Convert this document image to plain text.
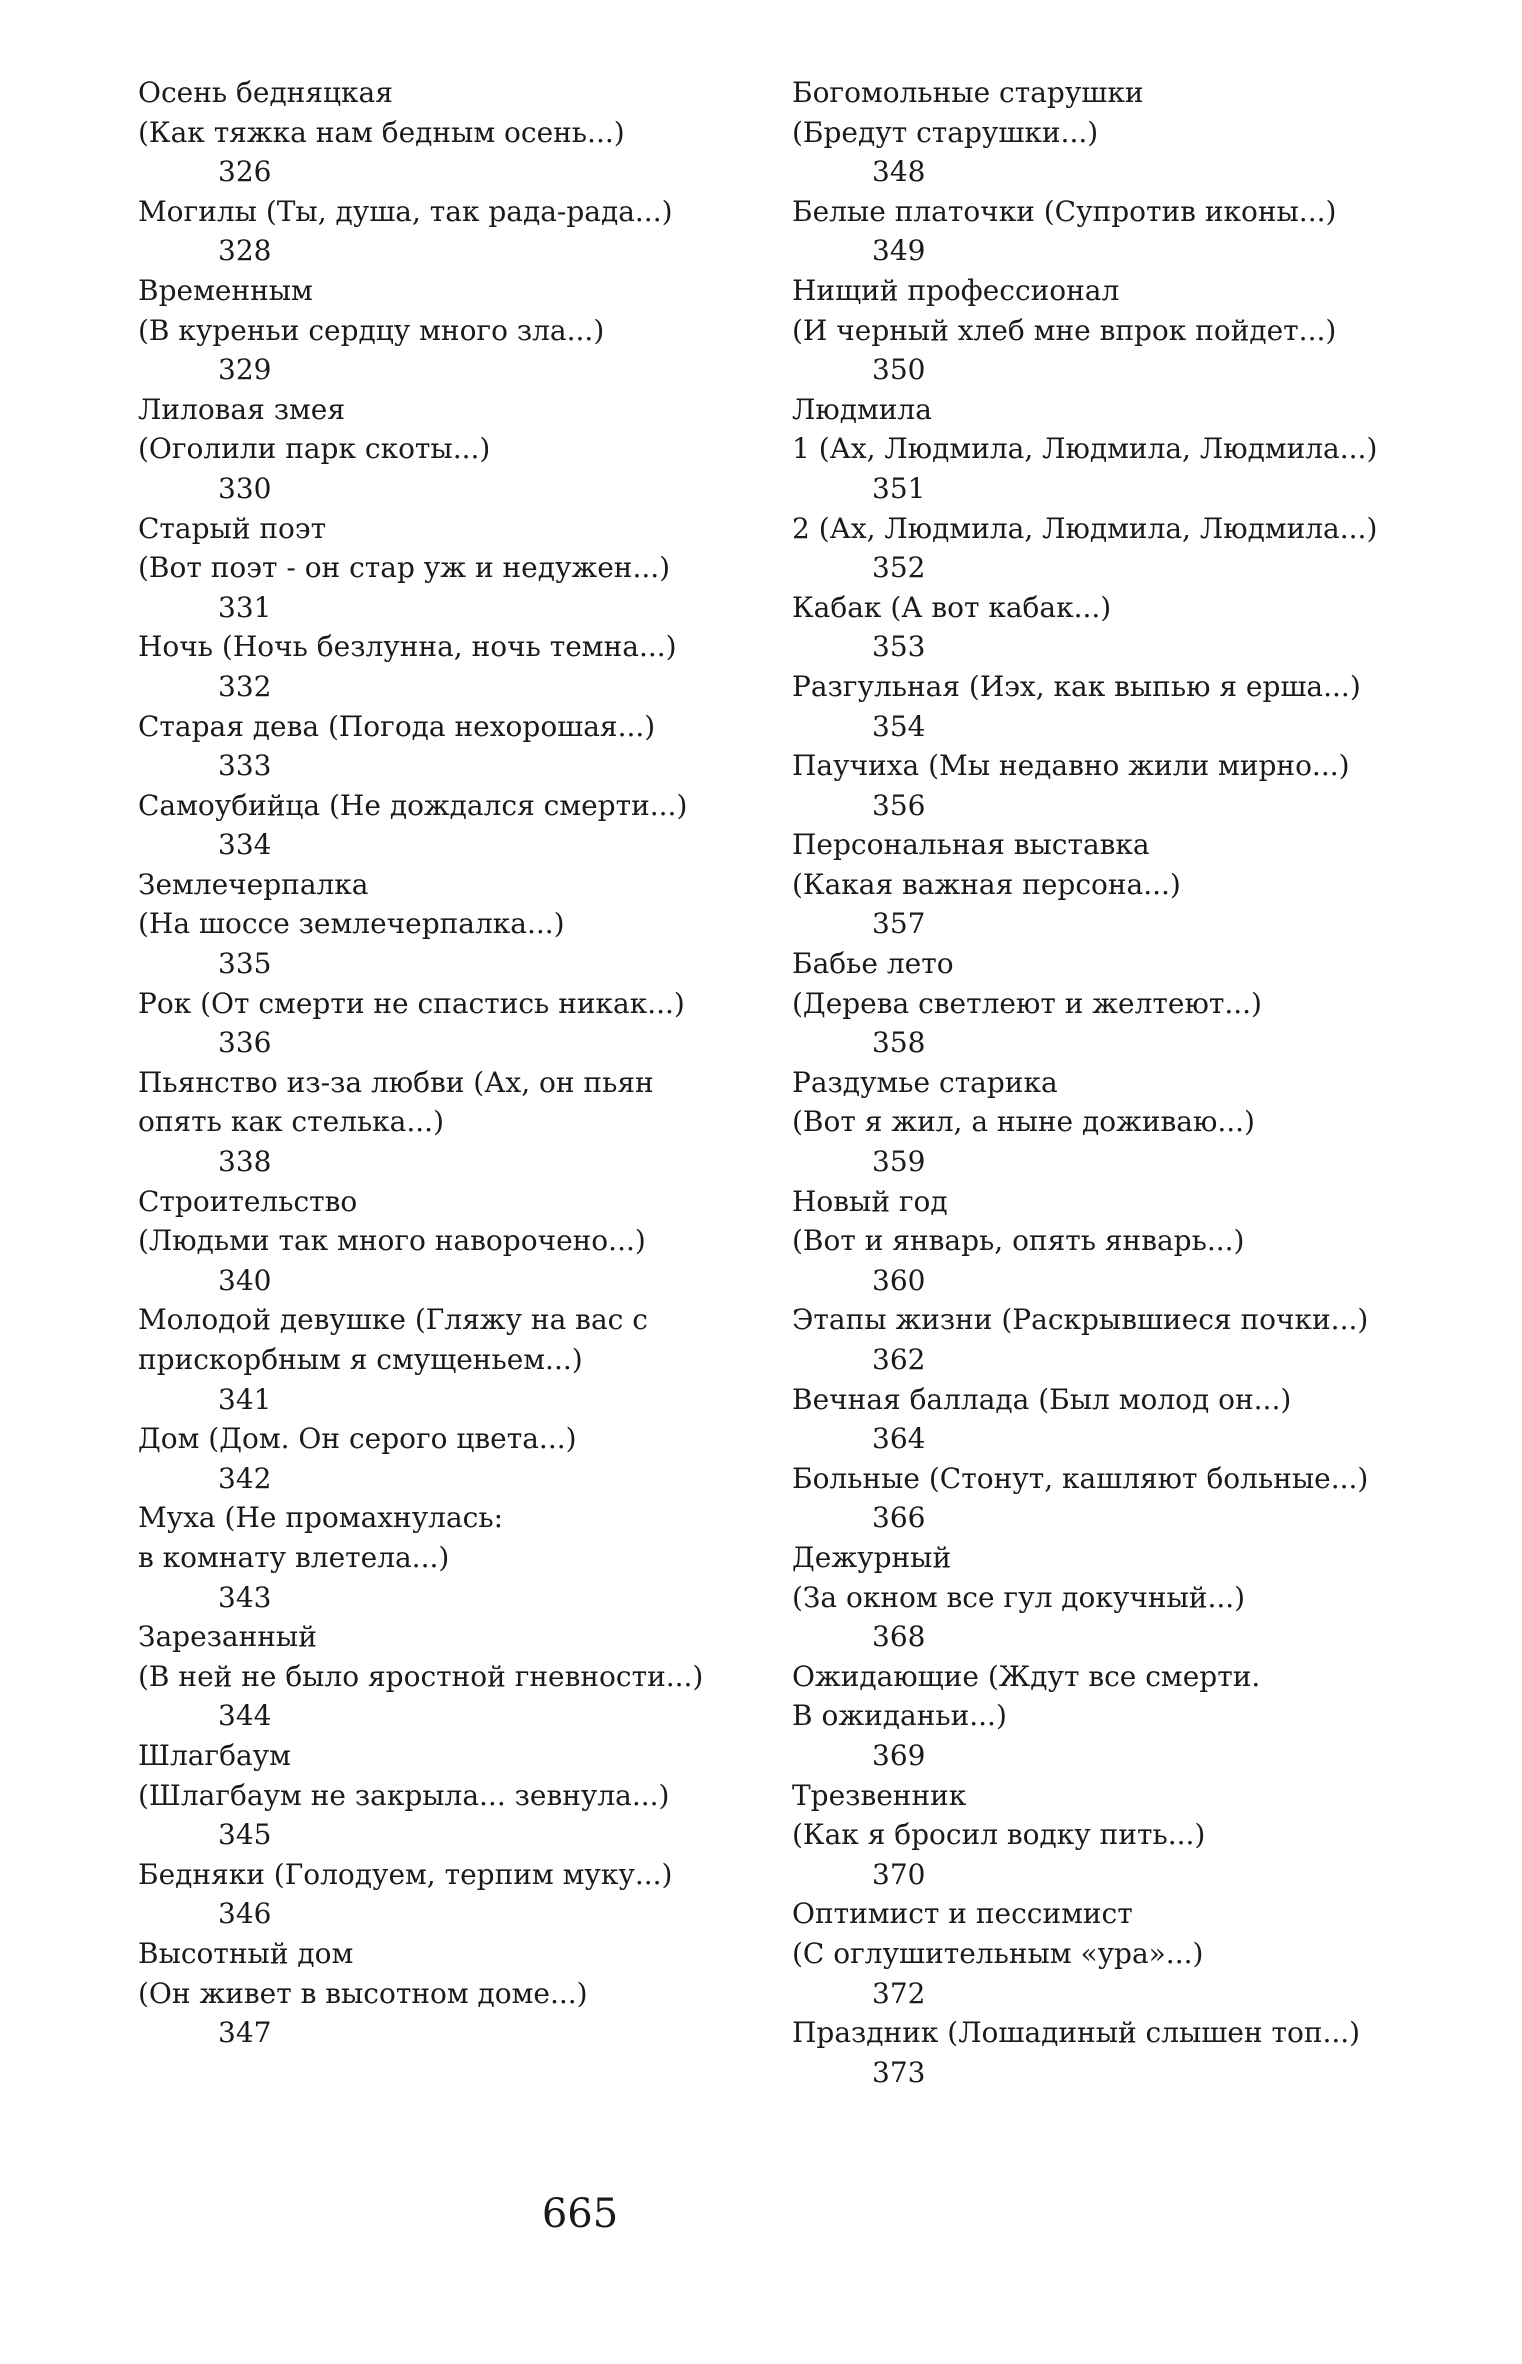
Осень бедняцкая
(Как тяжка нам бедным осень...)
326
Могилы (Ты, душа, так рада-рада...)
328
Временным
(В куреньи сердцу много зла...)
329
Лиловая змея
(Оголили парк скоты...)
330
Старый поэт
(Вот поэт - он стар уж и недужен...)
331
Ночь (Ночь безлунна, ночь темна...)
332
Старая дева (Погода нехорошая...)
333
Самоубийца (Не дождался смерти...)
334
Землечерпалка
(На шоссе землечерпалка...)
335
Рок (От смерти не спастись никак...)
336
Пьянство из-за любви (Ах, он пьян
опять как стелька...)
338
Строительство
(Людьми так много наворочено...)
340
Молодой девушке (Гляжу на вас с
прискорбным я смущеньем...)
341
Дом (Дом. Он серого цвета...)
342
Муха (Не промахнулась:
в комнату влетела...)
343
Зарезанный
(В ней не было яростной гневности...)
344
Шлагбаум
(Шлагбаум не закрыла... зевнула...)
345
Бедняки (Голодуем, терпим муку...)
346
Высотный дом
(Он живет в высотном доме...)
347
Богомольные старушки
(Бредут старушки...)
348
Белые платочки (Супротив иконы...)
349
Нищий профессионал
(И черный хлеб мне впрок пойдет...)
350
Людмила
1 (Ах, Людмила, Людмила, Людмила...)
351
2 (Ах, Людмила, Людмила, Людмила...)
352
Кабак (А вот кабак...)
353
Разгульная (Иэх, как выпью я ерша...)
354
Паучиха (Мы недавно жили мирно...)
356
Персональная выставка
(Какая важная персона...)
357
Бабье лето
(Дерева светлеют и желтеют...)
358
Раздумье старика
(Вот я жил, а ныне доживаю...)
359
Новый год
(Вот и январь, опять январь...)
360
Этапы жизни (Раскрывшиеся почки...)
362
Вечная баллада (Был молод он...)
364
Больные (Стонут, кашляют больные...)
366
Дежурный
(За окном все гул докучный...)
368
Ожидающие (Ждут все смерти.
В ожиданьи...)
369
Трезвенник
(Как я бросил водку пить...)
370
Оптимист и пессимист
(С оглушительным «ура»...)
372
Праздник (Лошадиный слышен топ...)
373
665
